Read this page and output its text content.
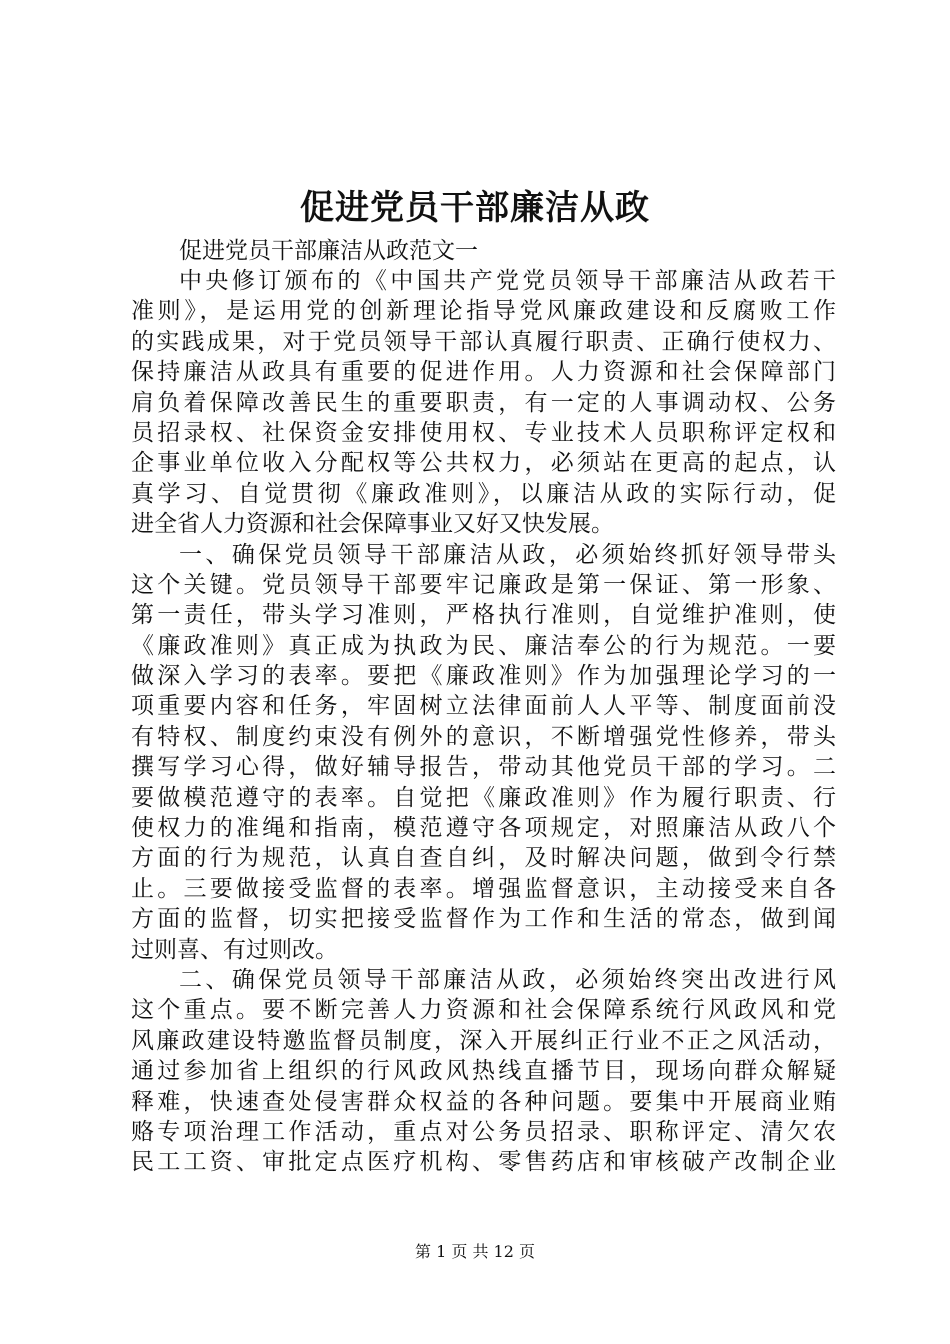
促进党员干部廉洁从政
促进党员干部廉洁从政范文一
中央修订颁布的《中国共产党党员领导干部廉洁从政若干
准则》，是运用党的创新理论指导党风廉政建设和反腐败工作
的实践成果，对于党员领导干部认真履行职责、正确行使权力、
保持廉洁从政具有重要的促进作用。人力资源和社会保障部门
肩负着保障改善民生的重要职责，有一定的人事调动权、公务
员招录权、社保资金安排使用权、专业技术人员职称评定权和
企事业单位收入分配权等公共权力，必须站在更高的起点，认
真学习、自觉贯彻《廉政准则》，以廉洁从政的实际行动，促
进全省人力资源和社会保障事业又好又快发展。
一、确保党员领导干部廉洁从政，必须始终抓好领导带头
这个关键。党员领导干部要牢记廉政是第一保证、第一形象、
第一责任，带头学习准则，严格执行准则，自觉维护准则，使
《廉政准则》真正成为执政为民、廉洁奉公的行为规范。一要
做深入学习的表率。要把《廉政准则》作为加强理论学习的一
项重要内容和任务，牢固树立法律面前人人平等、制度面前没
有特权、制度约束没有例外的意识，不断增强党性修养，带头
撰写学习心得，做好辅导报告，带动其他党员干部的学习。二
要做模范遵守的表率。自觉把《廉政准则》作为履行职责、行
使权力的准绳和指南，模范遵守各项规定，对照廉洁从政八个
方面的行为规范，认真自查自纠，及时解决问题，做到令行禁
止。三要做接受监督的表率。增强监督意识，主动接受来自各
方面的监督，切实把接受监督作为工作和生活的常态，做到闻
过则喜、有过则改。
二、确保党员领导干部廉洁从政，必须始终突出改进行风
这个重点。要不断完善人力资源和社会保障系统行风政风和党
风廉政建设特邀监督员制度，深入开展纠正行业不正之风活动，
通过参加省上组织的行风政风热线直播节目，现场向群众解疑
释难，快速查处侵害群众权益的各种问题。要集中开展商业贿
赂专项治理工作活动，重点对公务员招录、职称评定、清欠农
民工工资、审批定点医疗机构、零售药店和审核破产改制企业
第 1 页 共 12 页
